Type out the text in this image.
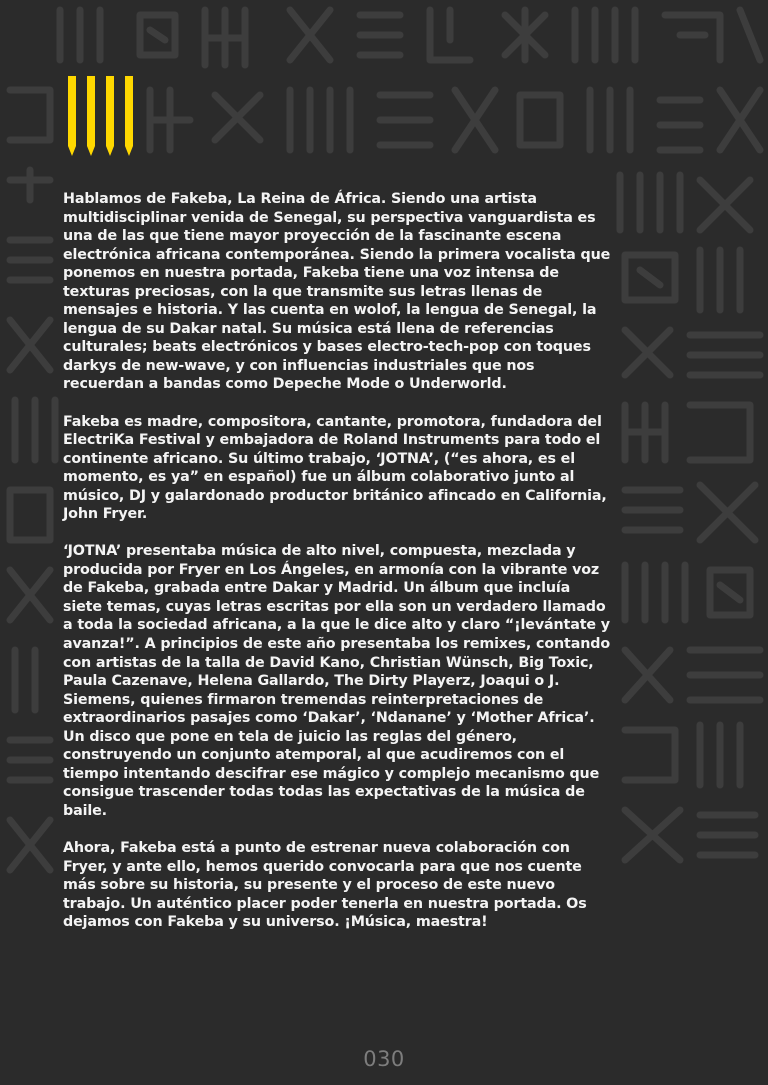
Hablamos de Fakeba, La Reina de África. Siendo una artista multidisciplinar venida de Senegal, su perspectiva vanguardista es una de las que tiene mayor proyección de la fascinante escena electrónica africana contemporánea. Siendo la primera vocalista que ponemos en nuestra portada, Fakeba tiene una voz intensa de texturas preciosas, con la que transmite sus letras llenas de mensajes e historia. Y las cuenta en wolof, la lengua de Senegal, la lengua de su Dakar natal. Su música está llena de referencias culturales; beats electrónicos y bases electro-tech-pop con toques darkys de new-wave, y con influencias industriales que nos recuerdan a bandas como Depeche Mode o Underworld.

Fakeba es madre, compositora, cantante, promotora, fundadora del ElectriKa Festival y embajadora de Roland Instruments para todo el continente africano. Su último trabajo, ‘JOTNA’, (“es ahora, es el momento, es ya” en español) fue un álbum colaborativo junto al músico, DJ y galardonado productor británico afincado en California, John Fryer.

‘JOTNA’ presentaba música de alto nivel, compuesta, mezclada y producida por Fryer en Los Ángeles, en armonía con la vibrante voz de Fakeba, grabada entre Dakar y Madrid. Un álbum que incluía siete temas, cuyas letras escritas por ella son un verdadero llamado a toda la sociedad africana, a la que le dice alto y claro “¡levántate y avanza!”. A principios de este año presentaba los remixes, contando con artistas de la talla de David Kano, Christian Wünsch, Big Toxic, Paula Cazenave, Helena Gallardo, The Dirty Playerz, Joaqui o J. Siemens, quienes firmaron tremendas reinterpretaciones de extraordinarios pasajes como ‘Dakar’, ‘Ndanane’ y ‘Mother Africa’. Un disco que pone en tela de juicio las reglas del género, construyendo un conjunto atemporal, al que acudiremos con el tiempo intentando descifrar ese mágico y complejo mecanismo que consigue trascender todas todas las expectativas de la música de baile.

Ahora, Fakeba está a punto de estrenar nueva colaboración con Fryer, y ante ello, hemos querido convocarla para que nos cuente más sobre su historia, su presente y el proceso de este nuevo trabajo. Un auténtico placer poder tenerla en nuestra portada. Os dejamos con Fakeba y su universo. ¡Música, maestra!

030
